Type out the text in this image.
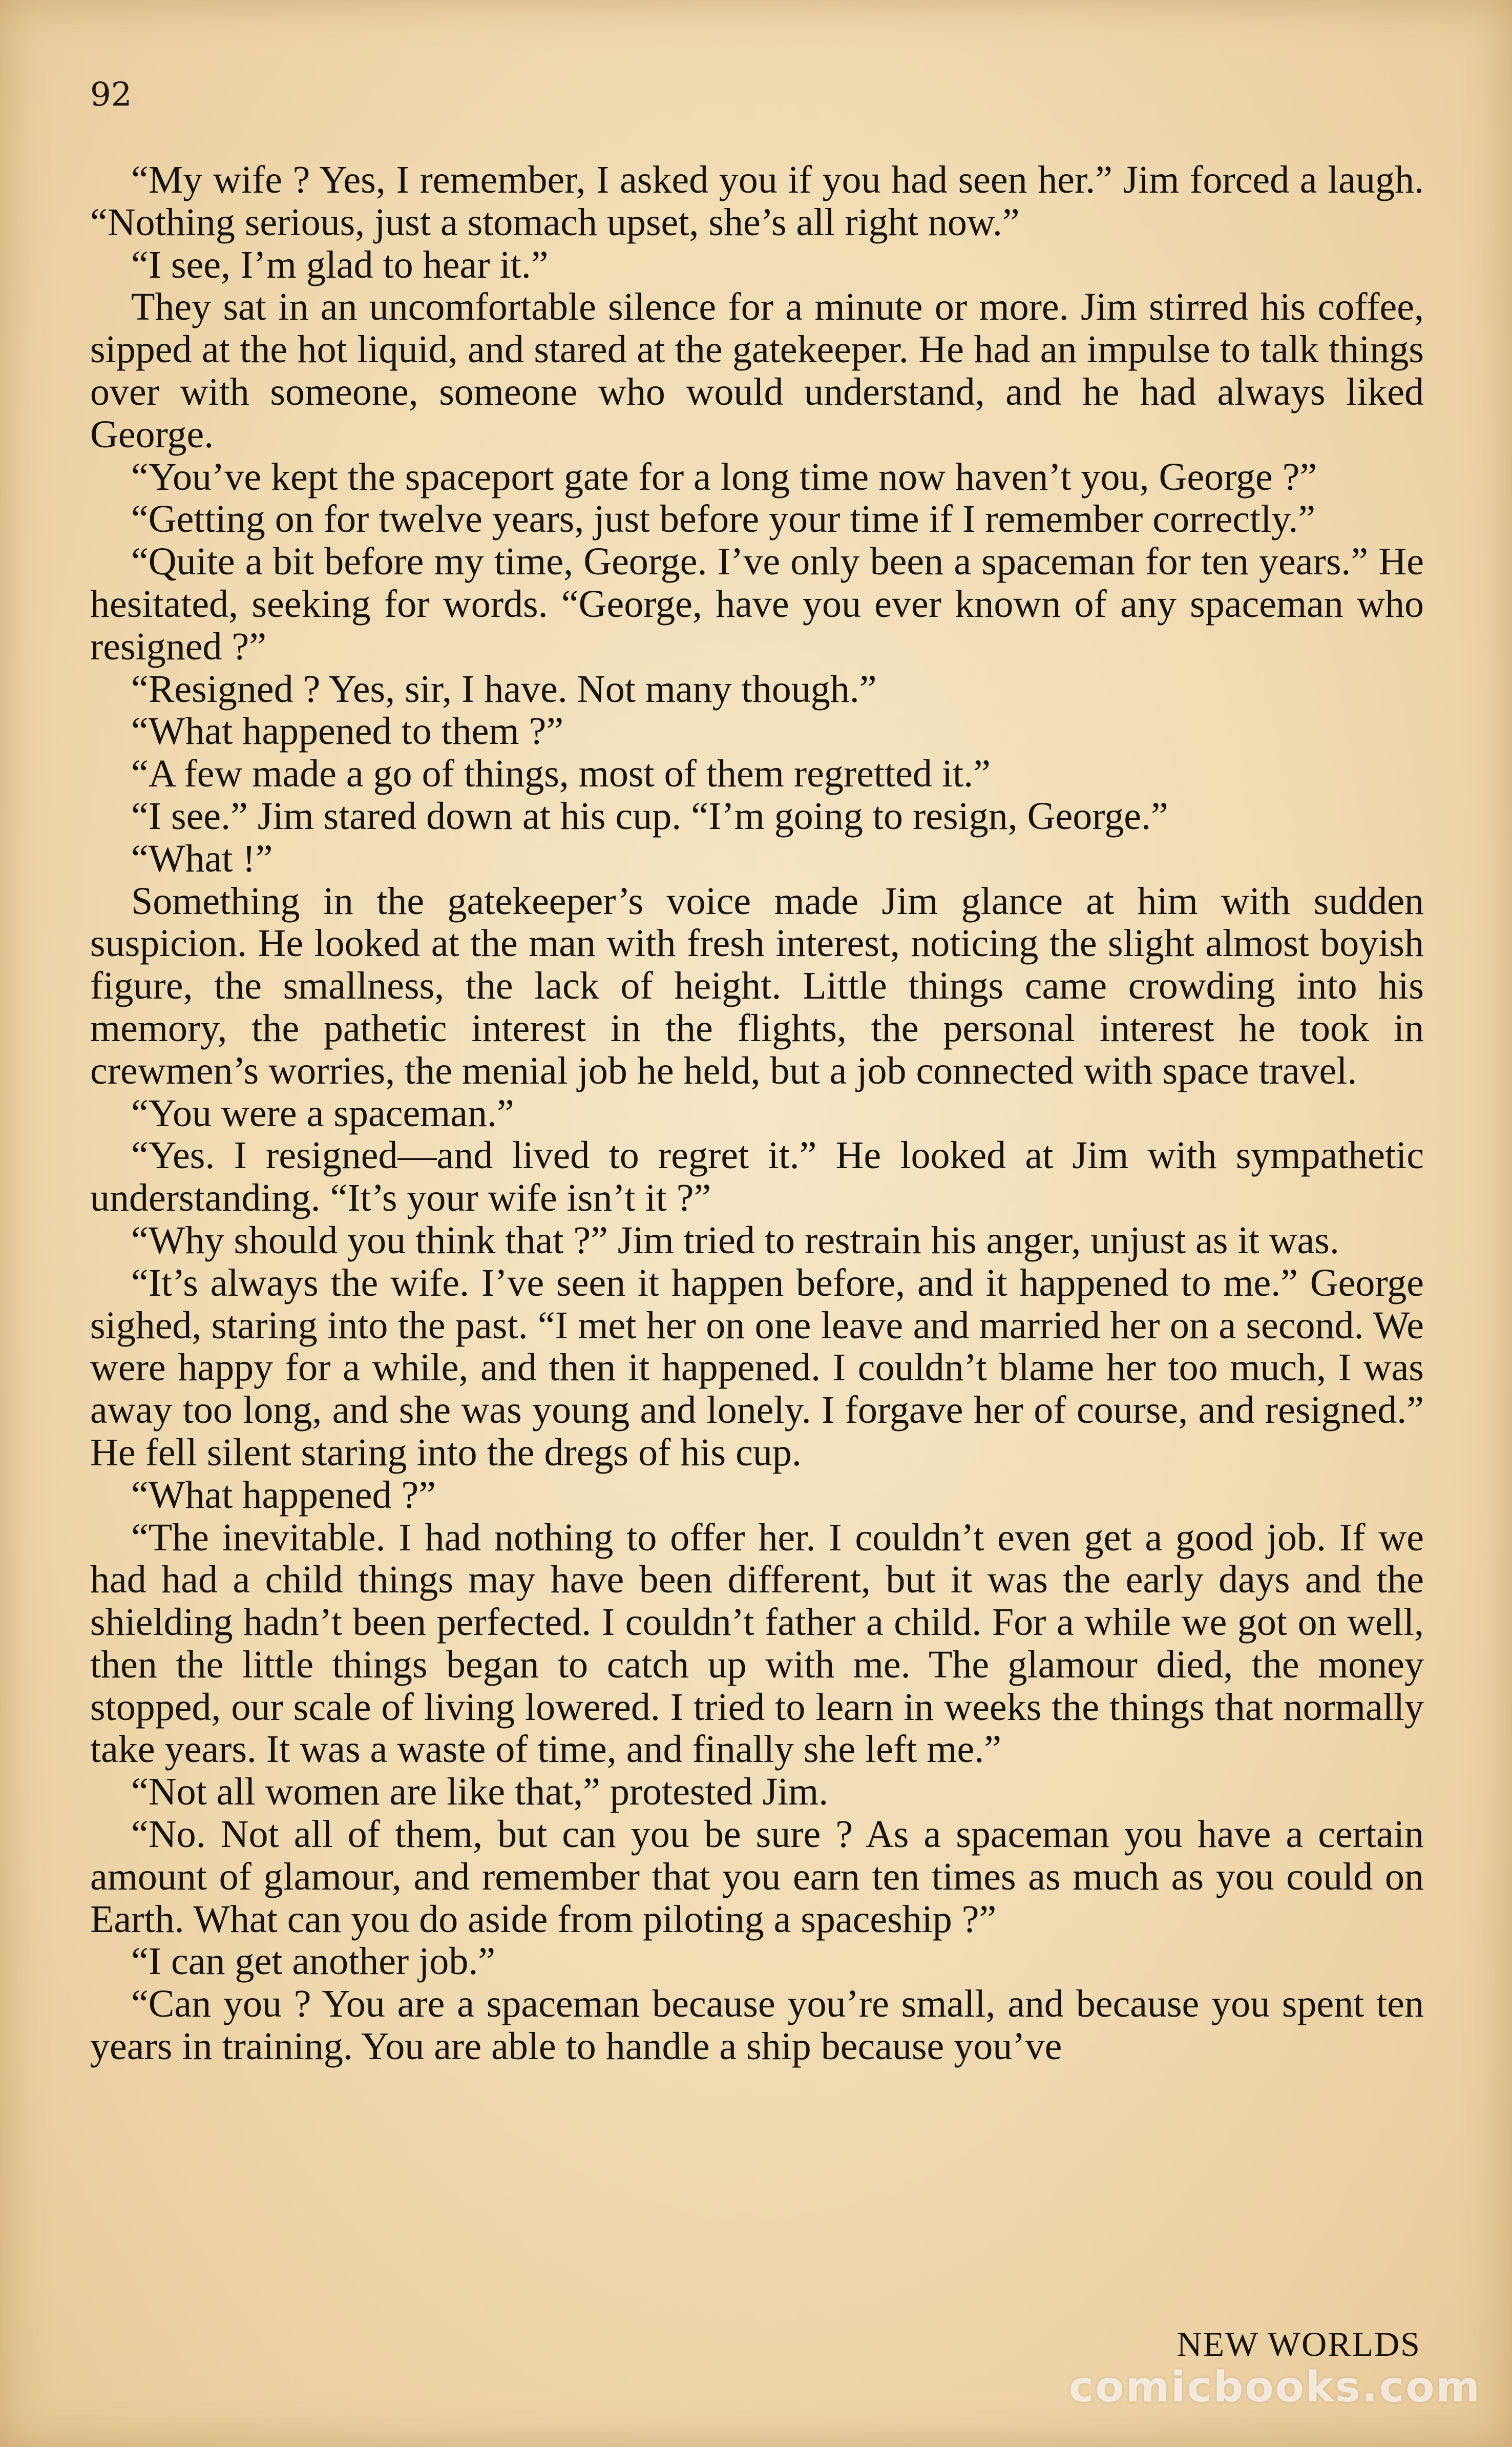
92

“My wife ? Yes, I remember, I asked you if you had seen her.” Jim forced a laugh. “Nothing serious, just a stomach upset, she’s all right now.”

“I see, I’m glad to hear it.”

They sat in an uncomfortable silence for a minute or more. Jim stirred his coffee, sipped at the hot liquid, and stared at the gatekeeper. He had an impulse to talk things over with someone, someone who would understand, and he had always liked George.

“You’ve kept the spaceport gate for a long time now haven’t you, George ?”

“Getting on for twelve years, just before your time if I remember correctly.”

“Quite a bit before my time, George. I’ve only been a spaceman for ten years.” He hesitated, seeking for words. “George, have you ever known of any spaceman who resigned ?”

“Resigned ? Yes, sir, I have. Not many though.”

“What happened to them ?”

“A few made a go of things, most of them regretted it.”

“I see.” Jim stared down at his cup. “I’m going to resign, George.”

“What !”

Something in the gatekeeper’s voice made Jim glance at him with sudden suspicion. He looked at the man with fresh interest, noticing the slight almost boyish figure, the smallness, the lack of height. Little things came crowding into his memory, the pathetic interest in the flights, the personal interest he took in crewmen’s worries, the menial job he held, but a job connected with space travel.

“You were a spaceman.”

“Yes. I resigned—and lived to regret it.” He looked at Jim with sympathetic understanding. “It’s your wife isn’t it ?”

“Why should you think that ?” Jim tried to restrain his anger, unjust as it was.

“It’s always the wife. I’ve seen it happen before, and it happened to me.” George sighed, staring into the past. “I met her on one leave and married her on a second. We were happy for a while, and then it happened. I couldn’t blame her too much, I was away too long, and she was young and lonely. I forgave her of course, and resigned.” He fell silent staring into the dregs of his cup.

“What happened ?”

“The inevitable. I had nothing to offer her. I couldn’t even get a good job. If we had had a child things may have been different, but it was the early days and the shielding hadn’t been perfected. I couldn’t father a child. For a while we got on well, then the little things began to catch up with me. The glamour died, the money stopped, our scale of living lowered. I tried to learn in weeks the things that normally take years. It was a waste of time, and finally she left me.”

“Not all women are like that,” protested Jim.

“No. Not all of them, but can you be sure ? As a spaceman you have a certain amount of glamour, and remember that you earn ten times as much as you could on Earth. What can you do aside from piloting a spaceship ?”

“I can get another job.”

“Can you ? You are a spaceman because you’re small, and because you spent ten years in training. You are able to handle a ship because you’ve

NEW WORLDS

comicbooks.com
